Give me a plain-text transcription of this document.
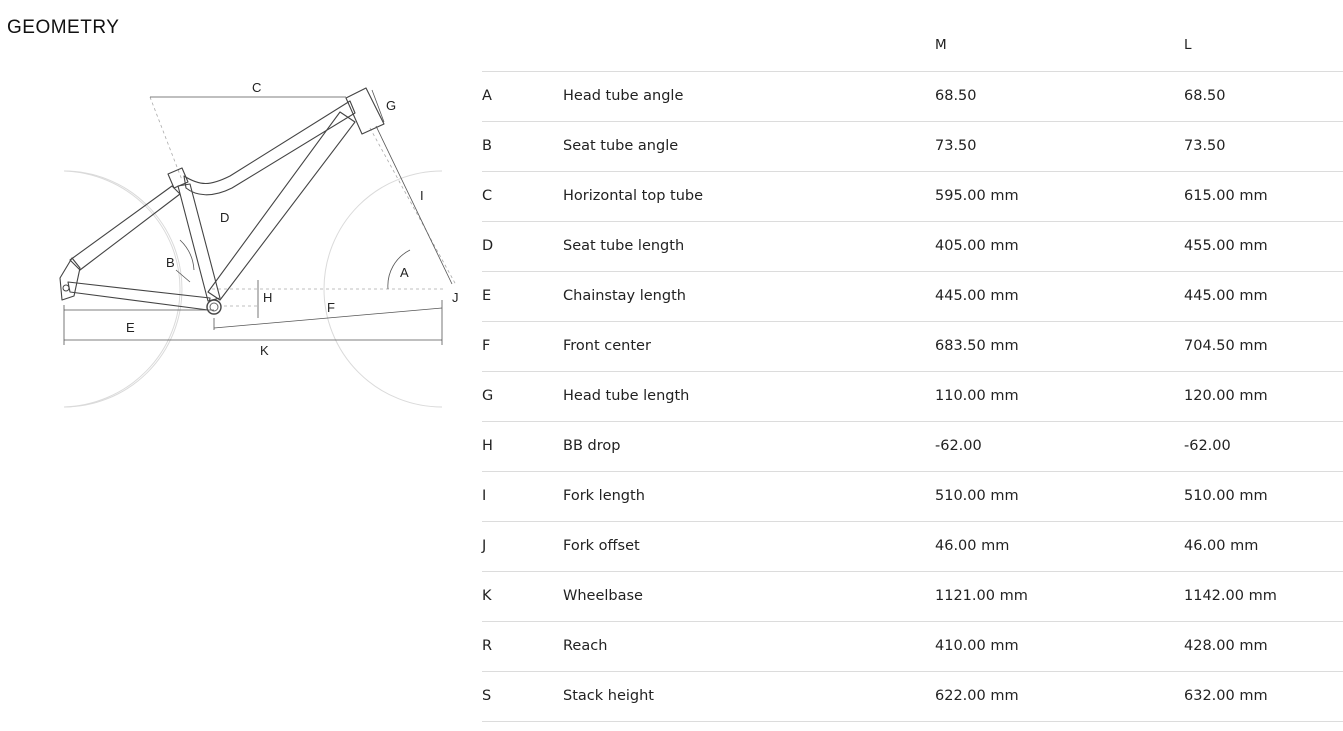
GEOMETRY
C
G
I
D
B
A
H	J
F
E
K
		M	L
A	Head tube angle	68.50	68.50
B	Seat tube angle	73.50	73.50
C	Horizontal top tube	595.00 mm	615.00 mm
D	Seat tube length	405.00 mm	455.00 mm
E	Chainstay length	445.00 mm	445.00 mm
F	Front center	683.50 mm	704.50 mm
G	Head tube length	110.00 mm	120.00 mm
H	BB drop	-62.00	-62.00
I	Fork length	510.00 mm	510.00 mm
J	Fork offset	46.00 mm	46.00 mm
K	Wheelbase	1121.00 mm	1142.00 mm
R	Reach	410.00 mm	428.00 mm
S	Stack height	622.00 mm	632.00 mm
